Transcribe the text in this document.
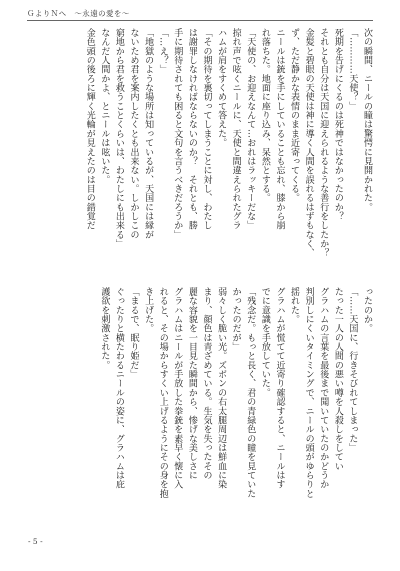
ＧよりＮへ　～永遠の愛を～

次の瞬間、ニールの瞳は驚愕に見開かれた。

「…………天使？」

死期を告げにくるのは死神ではなかったのか？

それとも自分は天国に迎えられるような善行をしたか？

金髪と碧眼の天使は神に導く人間を誤れるはずもなく、

ず、ただ静かな表情のまま近寄ってくる。

ニールは銃を手にしていることも忘れ、膝から崩

れ落ちた。地面に座り込み、呆然とする。

「天使の、お迎えなんて…おれはラッキーだな」

掠れ声で呟くニールに、天使と間違えられたグラ

ハムが肩をすくめて答えた。

「その期待を裏切ってしまうことに対し、わたし

は謝罪しなければならないのか？　それとも、勝

手に期待されても困ると文句を言うべきだろうか」

「…え？」

「地獄のような場所は知っているが、天国には縁が

ないため君を案内したくとも出来ない。しかしこの

窮地から君を救うことくらいは、わたしにも出来る」

なんだ人間かよ、とニールは呟いた。

金色頭の後ろに輝く光輪が見えたのは目の錯覚だ

ったのか。

「……天国に、行きそびれてしまった」

たった一人の人間の悪い噂を人殺しをしてい

グラハムの言葉を最後まで聞いていたのかどうか

判別しにくいタイミングで、ニールの頭がゆらりと

揺れた。

グラハムが慌てて近寄り確認すると、ニールはす

でに意識を手放していた。

「残念だ。もっと長く、君の青緑色の瞳を見ていた

かったのだが」

弱々しく脆い光。ズボンの右太腿周辺は鮮血に染

まり、顔色は青ざめている。生気を失ったその

麗な容貌を一目見た瞬間から、惨げな美しさに

グラハムはニールが手放した拳銃を素早く懐に入

れると、その場からすくい上げるようにその身を抱

き上げた。

「まるで、眠り姫だ」

ぐったりと横たわるニールの姿に、グラハムは庇

護欲を刺激された。

- 5 -
